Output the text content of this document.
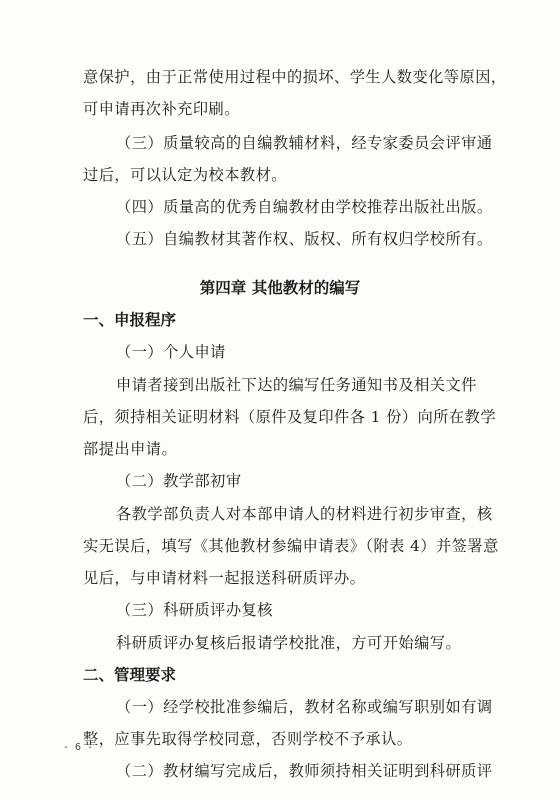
意保护，由于正常使用过程中的损坏、学生人数变化等原因，
可申请再次补充印刷。
（三）质量较高的自编教辅材料，经专家委员会评审通
过后，可以认定为校本教材。
（四）质量高的优秀自编教材由学校推荐出版社出版。
（五）自编教材其著作权、版权、所有权归学校所有。
第四章 其他教材的编写
一、申报程序
（一）个人申请
申请者接到出版社下达的编写任务通知书及相关文件
后，须持相关证明材料（原件及复印件各 1 份）向所在教学
部提出申请。
（二）教学部初审
各教学部负责人对本部申请人的材料进行初步审查，核
实无误后，填写《其他教材参编申请表》（附表 4）并签署意
见后，与申请材料一起报送科研质评办。
（三）科研质评办复核
科研质评办复核后报请学校批准，方可开始编写。
二、管理要求
（一）经学校批准参编后，教材名称或编写职别如有调
整，应事先取得学校同意，否则学校不予承认。
（二）教材编写完成后，教师须持相关证明到科研质评
- 6 -
